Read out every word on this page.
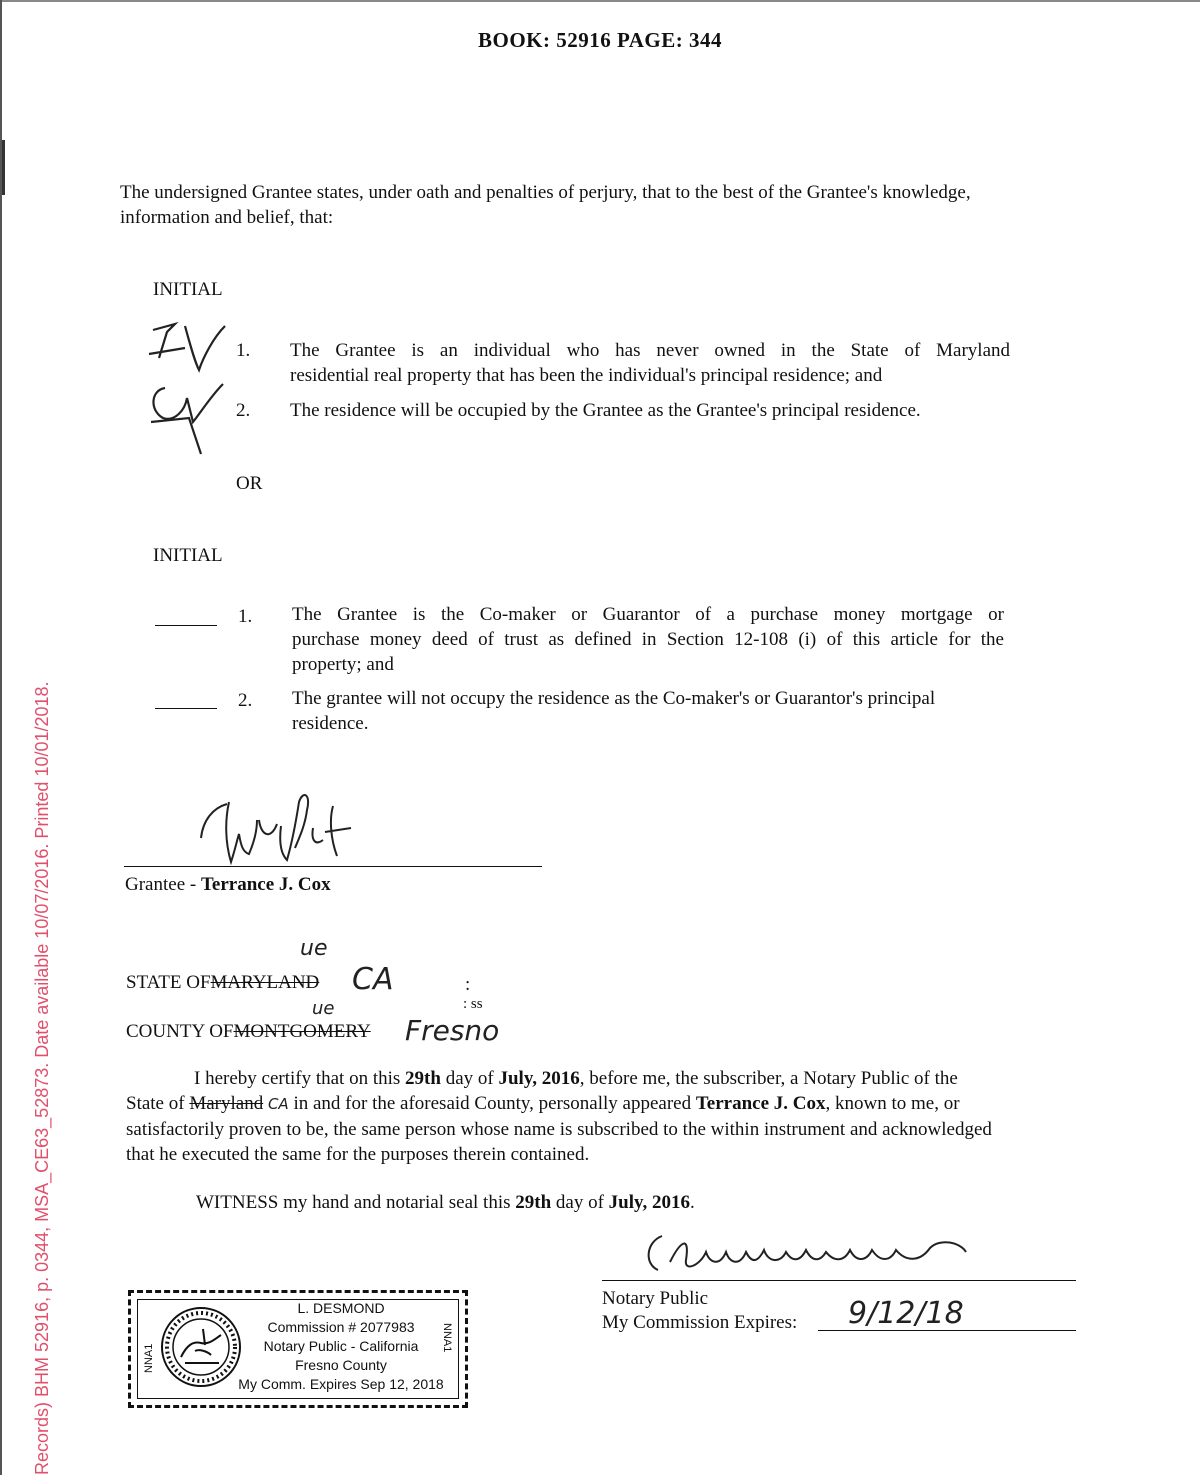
Records) BHM 52916, p. 0344, MSA_CE63_52873. Date available 10/07/2016. Printed 10/01/2018.
BOOK: 52916 PAGE: 344
The undersigned Grantee states, under oath and penalties of perjury, that to the best of the Grantee's knowledge,
information and belief, that:
INITIAL
1. The Grantee is an individual who has never owned in the State of Maryland
residential real property that has been the individual's principal residence; and
2. The residence will be occupied by the Grantee as the Grantee's principal residence.
OR
INITIAL
1. The Grantee is the Co-maker or Guarantor of a purchase money mortgage or
purchase money deed of trust as defined in Section 12-108 (i) of this article for the
property; and
2. The grantee will not occupy the residence as the Co-maker's or Guarantor's principal
residence.
Grantee - Terrance J. Cox
ue
STATE OFMARYLAND CA	:
ue	: ss
COUNTY OFMONTGOMERY Fresno
I hereby certify that on this 29th day of July, 2016, before me, the subscriber, a Notary Public of the
State of Maryland CA in and for the aforesaid County, personally appeared Terrance J. Cox, known to me, or
satisfactorily proven to be, the same person whose name is subscribed to the within instrument and acknowledged
that he executed the same for the purposes therein contained.
WITNESS my hand and notarial seal this 29th day of July, 2016.
Notary Public
My Commission Expires: 9/12/18
L. DESMOND
Commission # 2077983
Notary Public - California
Fresno County
My Comm. Expires Sep 12, 2018
NNA1
NNA1
